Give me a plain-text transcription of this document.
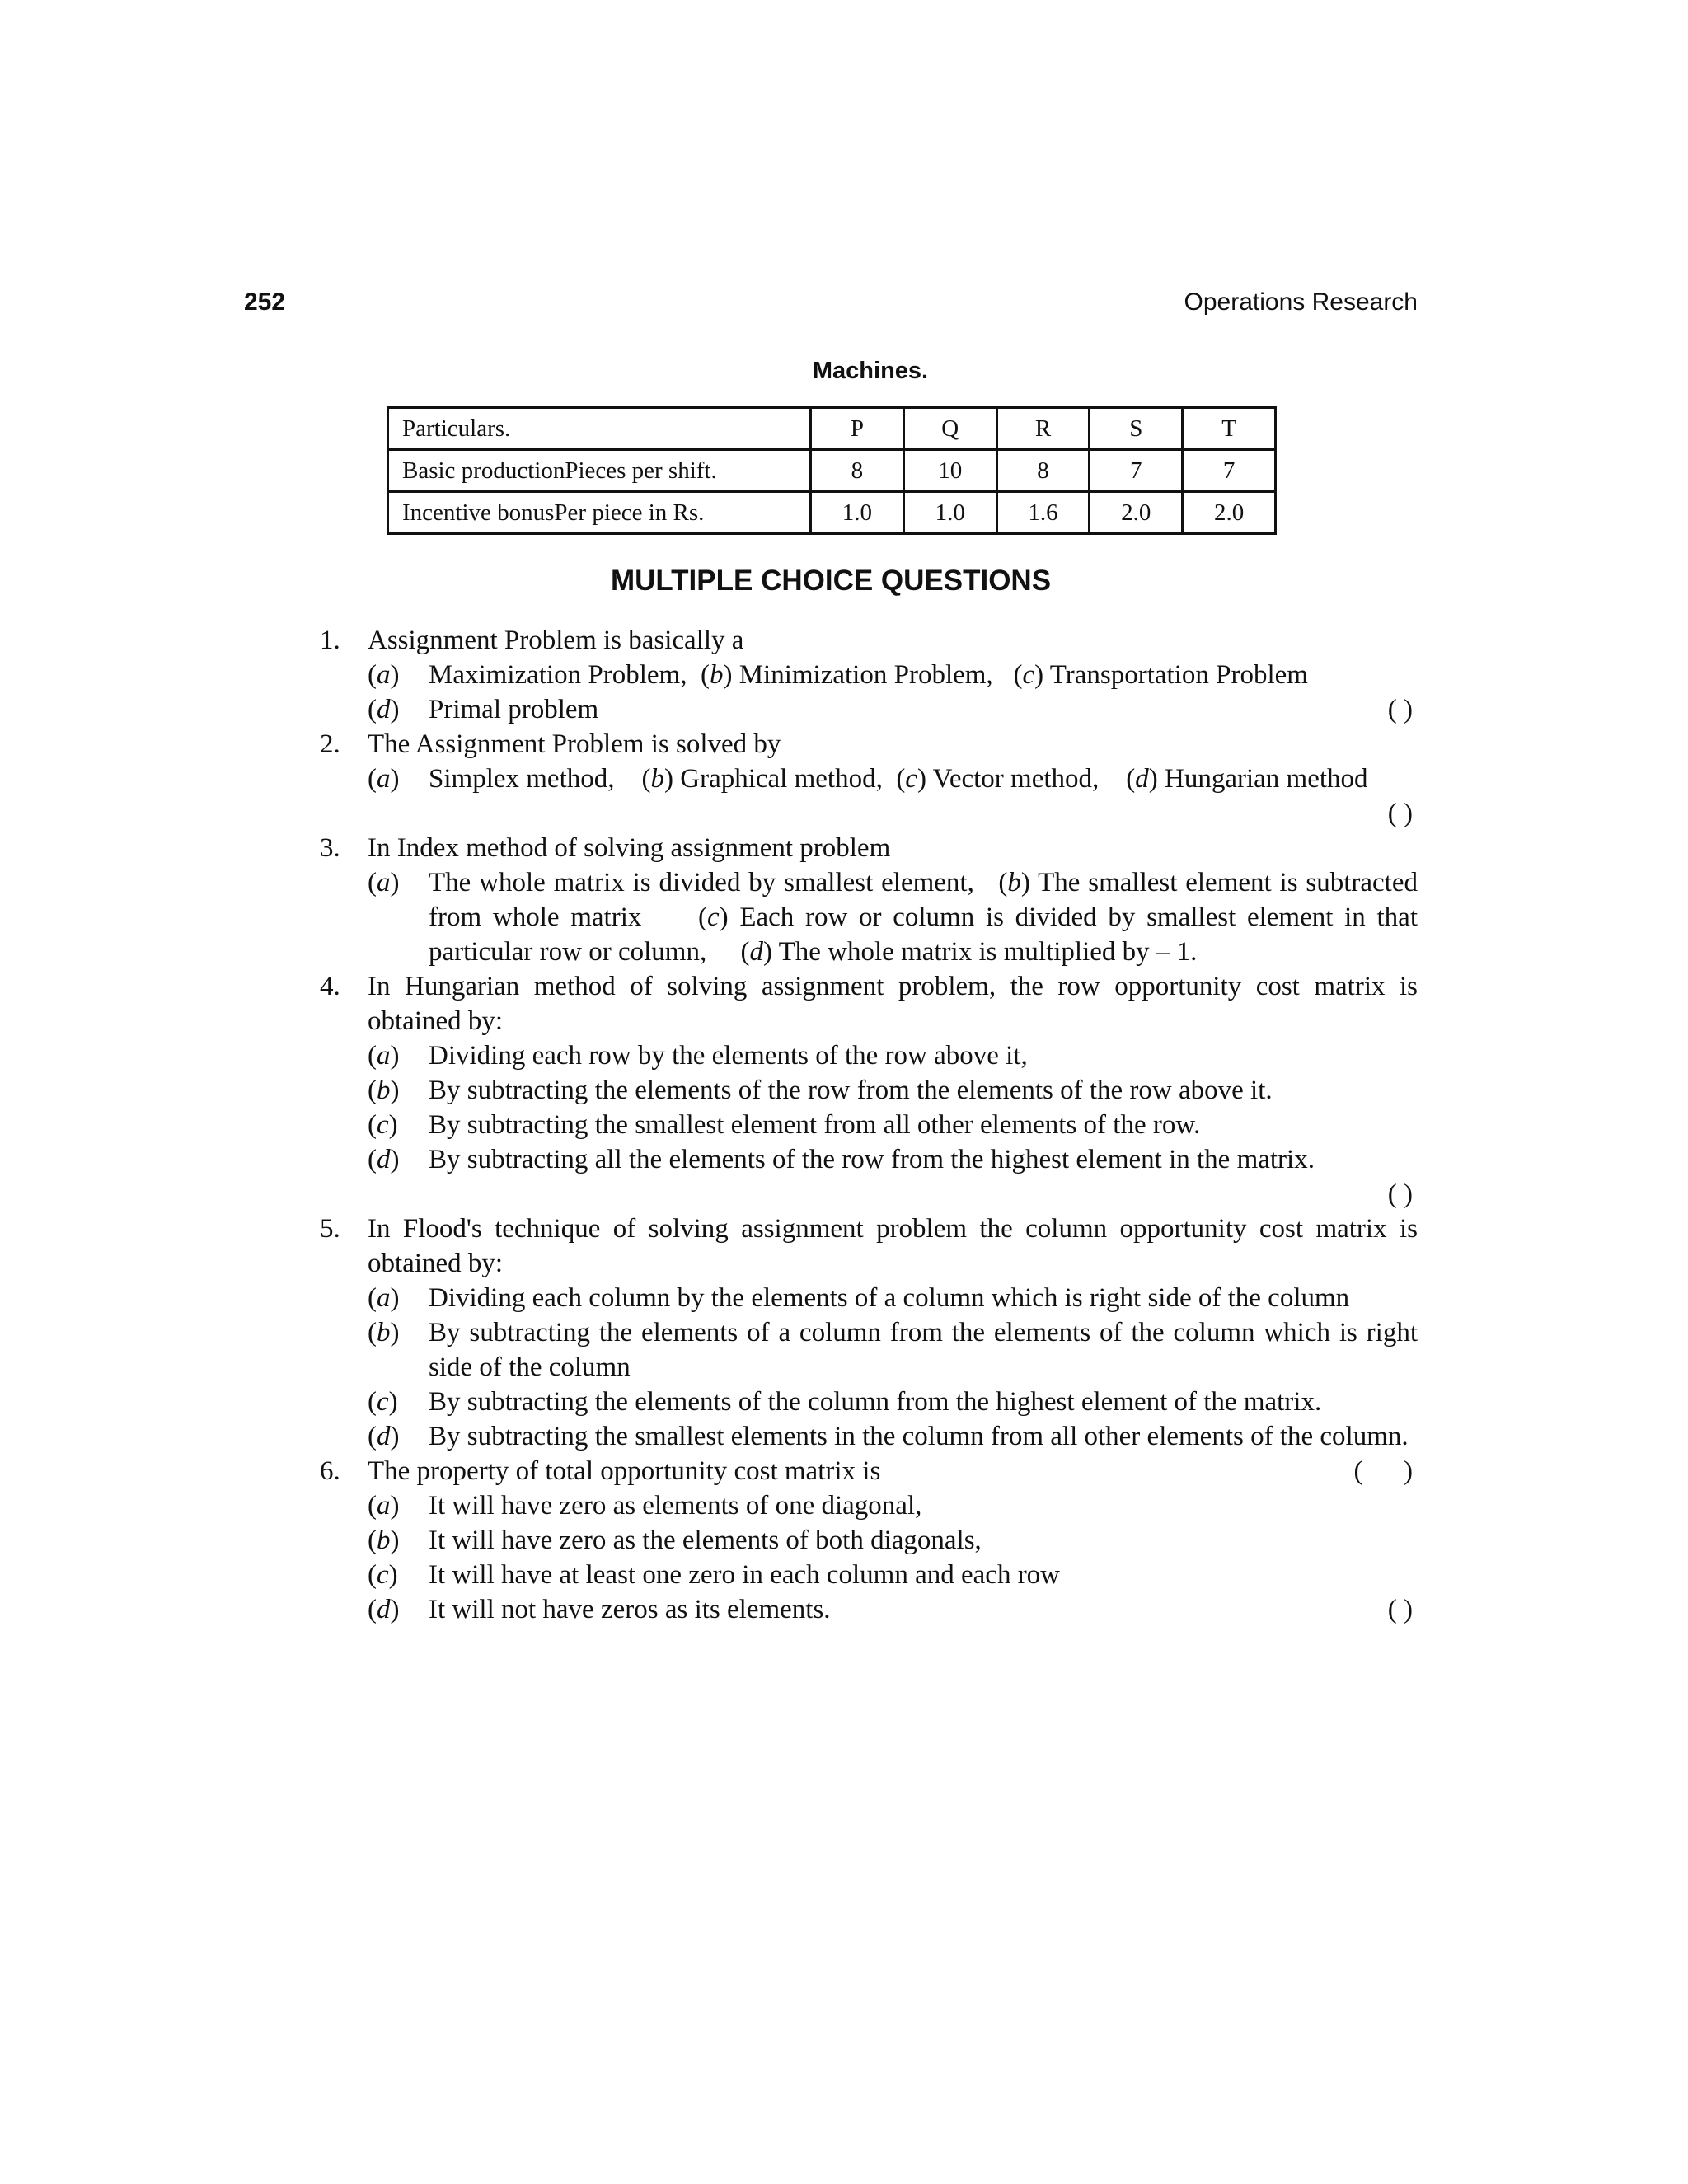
252	Operations Research
Machines.
Particulars.	P	Q	R	S	T
Basic productionPieces per shift.	8	10	8	7	7
Incentive bonusPer piece in Rs.	1.0	1.0	1.6	2.0	2.0
MULTIPLE CHOICE QUESTIONS
1. Assignment Problem is basically a
(a) Maximization Problem,  (b) Minimization Problem,   (c) Transportation Problem
(d) Primal problem	( )
2. The Assignment Problem is solved by
(a) Simplex method,    (b) Graphical method,  (c) Vector method,    (d) Hungarian method
( )
3. In Index method of solving assignment problem
(a) The whole matrix is divided by smallest element,   (b) The smallest element is subtracted from whole matrix     (c) Each row or column is divided by smallest element in that particular row or column,     (d) The whole matrix is multiplied by – 1.
4. In Hungarian method of solving assignment problem, the row opportunity cost matrix is obtained by:
(a) Dividing each row by the elements of the row above it,
(b) By subtracting the elements of the row from the elements of the row above it.
(c) By subtracting the smallest element from all other elements of the row.
(d) By subtracting all the elements of the row from the highest element in the matrix.
( )
5. In Flood's technique of solving assignment problem the column opportunity cost matrix is obtained by:
(a) Dividing each column by the elements of a column which is right side of the column
(b) By subtracting the elements of a column from the elements of the column which is right side of the column
(c) By subtracting the elements of the column from the highest element of the matrix.
(d) By subtracting the smallest elements in the column from all other elements of the column.
(      )
6. The property of total opportunity cost matrix is
(a) It will have zero as elements of one diagonal,
(b) It will have zero as the elements of both diagonals,
(c) It will have at least one zero in each column and each row
(d) It will not have zeros as its elements.	( )
